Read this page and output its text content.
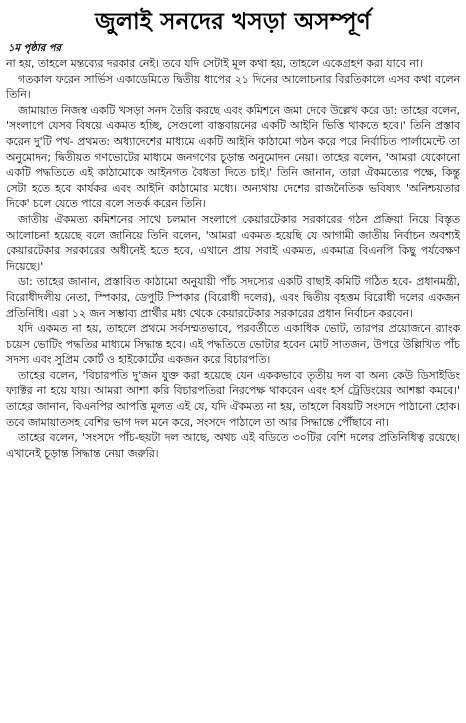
জুলাই সনদের খসড়া অসম্পূর্ণ
১ম পৃষ্ঠার পর

না হয়, তাহলে মন্তব্যের দরকার নেই। তবে যদি সেটাই মূল কথা হয়, তাহলে একেগ্রহণ করা যাবে না।

গতকাল ফরেন সার্ভিস একাডেমিতে দ্বিতীয় ধাপের ২১ দিনের আলোচনার বিরতিকালে এসব কথা বলেন তিনি।

জামায়াত নিজস্ব একটি খসড়া সনদ তৈরি করছে এবং কমিশনে জমা দেবে উল্লেখ করে ডা: তাহের বলেন, 'সংলাপে যেসব বিষয়ে একমত হচ্ছি, সেগুলো বাস্তবায়নের একটি আইনি ভিত্তি থাকতে হবে।' তিনি প্রস্তাব করেন দু'টি পথ- প্রথমত: অধ্যাদেশের মাধ্যমে একটি আইনি কাঠামো গঠন করে পরে নির্বাচিত পার্লামেন্টে তা অনুমোদন; দ্বিতীয়ত গণভোটের মাধ্যমে জনগণের চূড়ান্ত অনুমোদন নেয়া। তাহের বলেন, 'আমরা যেকোনো একটি পদ্ধতিতে এই কাঠামোকে আইনগত বৈধতা দিতে চাই।' তিনি জানান, তারা ঐকমত্যের পক্ষে, কিন্তু সেটা হতে হবে কার্যকর এবং আইনি কাঠামোর মধ্যে। অন্যথায় দেশের রাজনৈতিক ভবিষ্যৎ 'অনিশ্চয়তার দিকে' চলে যেতে পারে বলে সতর্ক করেন তিনি।

জাতীয় ঐকমত্য কমিশনের সাথে চলমান সংলাপে কেয়ারটেকার সরকারের গঠন প্রক্রিয়া নিয়ে বিস্তৃত আলোচনা হয়েছে বলে জানিয়ে তিনি বলেন, 'আমরা একমত হয়েছি যে আগামী জাতীয় নির্বাচন অবশ্যই কেয়ারটেকার সরকারের অধীনেই হতে হবে, এখানে প্রায় সবাই একমত, একমাত্র বিএনপি কিছু পর্যবেক্ষণ দিয়েছে।'

ডা: তাহের জানান, প্রস্তাবিত কাঠামো অনুযায়ী পাঁচ সদস্যের একটি বাছাই কমিটি গঠিত হবে- প্রধানমন্ত্রী, বিরোধীদলীয় নেতা, স্পিকার, ডেপুটি স্পিকার (বিরোধী দলের), এবং দ্বিতীয় বৃহত্তম বিরোধী দলের একজন প্রতিনিধি। এরা ১২ জন সম্ভাব্য প্রার্থীর মধ্য থেকে কেয়ারটেকার সরকারের প্রধান নির্বাচন করবেন।

যদি একমত না হয়, তাহলে প্রথমে সর্বসম্মতভাবে, পরবর্তীতে একাধিক ভোট, তারপর প্রয়োজনে র‍্যাংক চয়েস ভোটিং পদ্ধতির মাধ্যমে সিদ্ধান্ত হবে। এই পদ্ধতিতে ভোটার হবেন মোট সাতজন, উপরে উল্লিখিত পাঁচ সদস্য এবং সুপ্রিম কোর্ট ও হাইকোর্টের একজন করে বিচারপতি।

তাহের বলেন, 'বিচারপতি দু'জন যুক্ত করা হয়েছে যেন এককভাবে তৃতীয় দল বা অন্য কেউ ডিসাইডিং ফ্যাক্টর না হয়ে যায়। আমরা আশা করি বিচারপতিরা নিরপেক্ষ থাকবেন এবং হর্স ট্রেডিংয়ের আশঙ্কা কমবে।' তাহের জানান, বিএনপির আপত্তি মূলত এই যে, যদি ঐকমত্য না হয়, তাহলে বিষয়টি সংসদে পাঠানো হোক। তবে জামায়াতসহ বেশির ভাগ দল মনে করে, সংসদে পাঠালে তা আর সিদ্ধান্তে পৌঁছাবে না।

তাহের বলেন, 'সংসদে পাঁচ-ছয়টা দল আছে, অথচ এই বডিতে ৩০টির বেশি দলের প্রতিনিধিত্ব রয়েছে। এখানেই চূড়ান্ত সিদ্ধান্ত নেয়া জরুরি।
